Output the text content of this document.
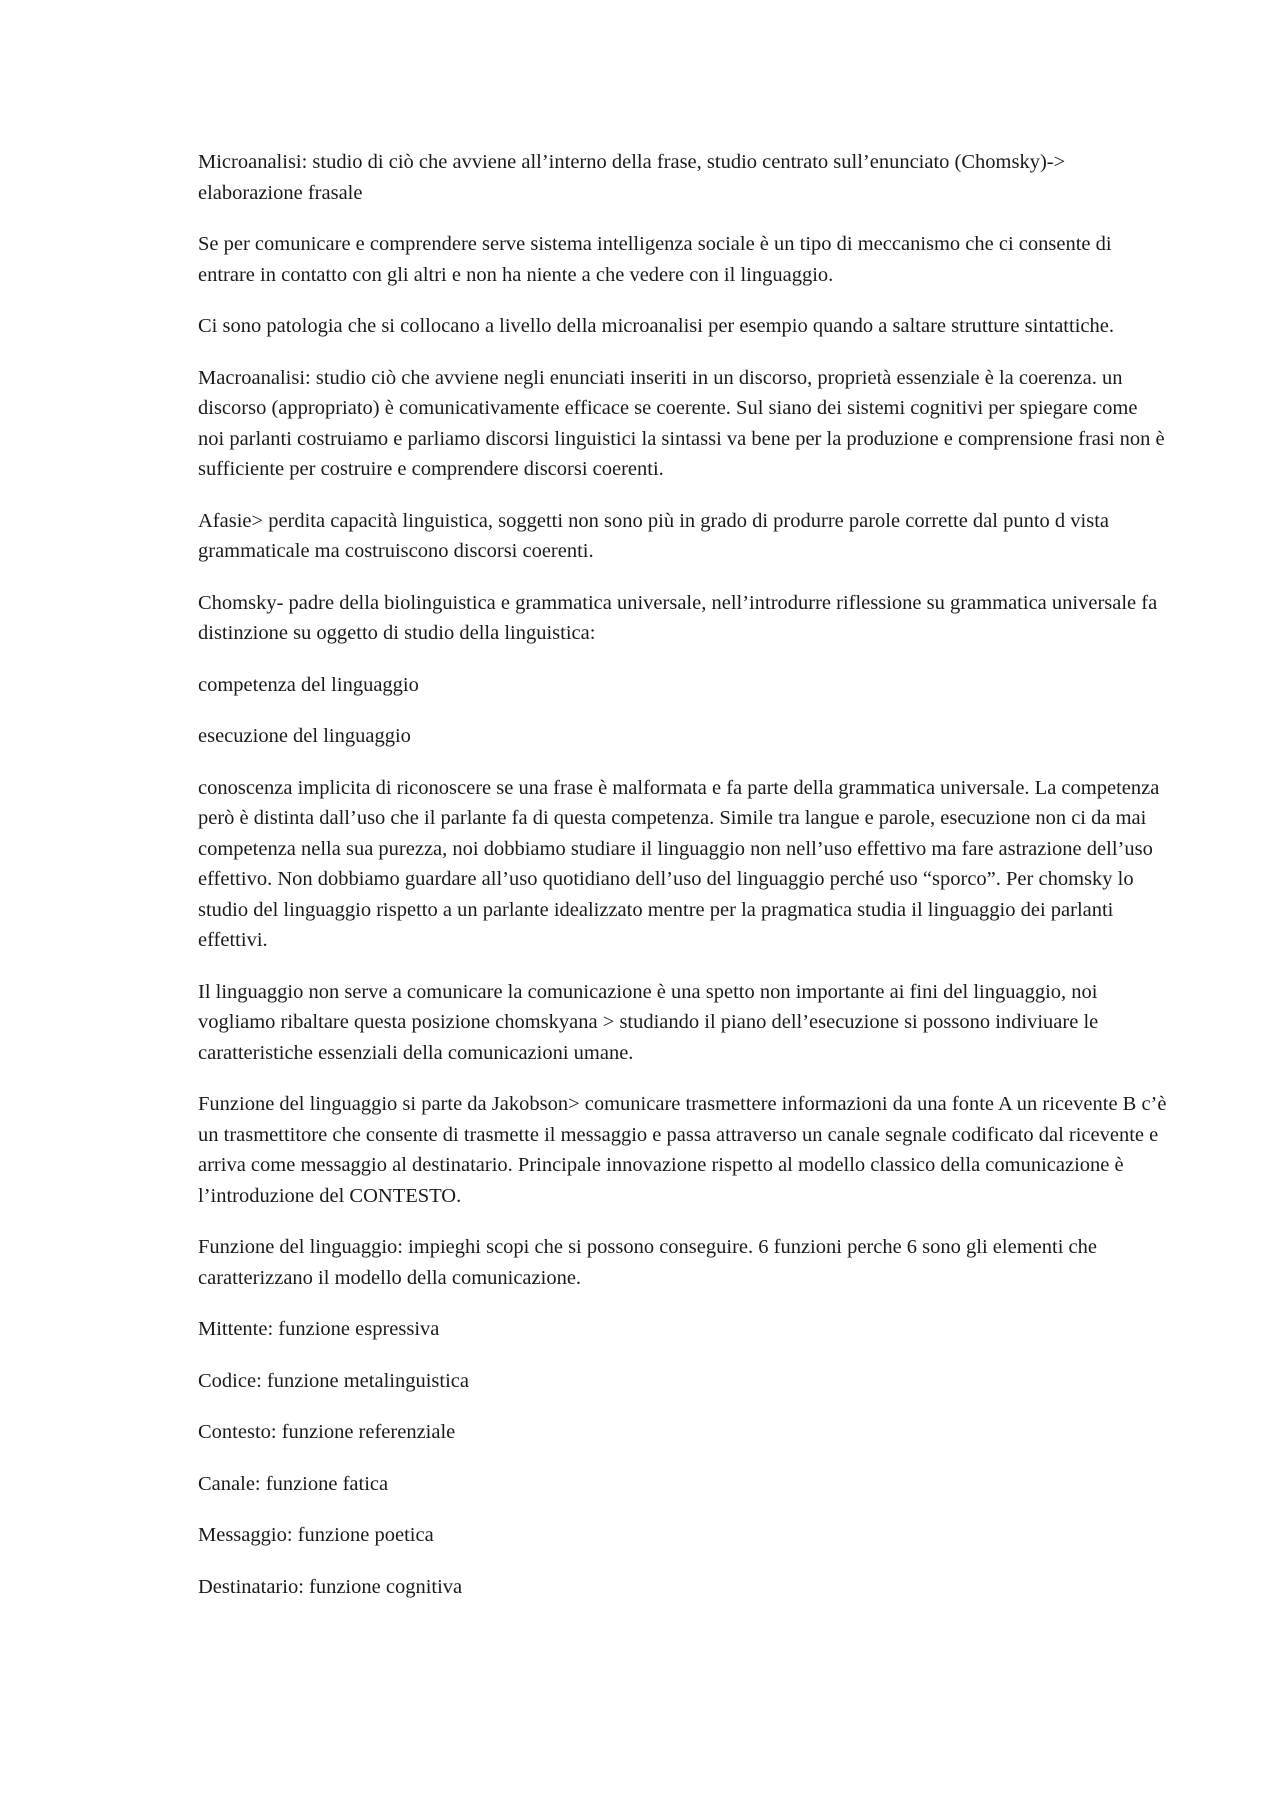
Microanalisi: studio di ciò che avviene all’interno della frase, studio centrato sull’enunciato (Chomsky)-> elaborazione frasale

Se per comunicare e comprendere serve sistema intelligenza sociale è un tipo di meccanismo che ci consente di entrare in contatto con gli altri e non ha niente a che vedere con il linguaggio.

Ci sono patologia che si collocano a livello della microanalisi per esempio quando a saltare strutture sintattiche.

Macroanalisi: studio ciò che avviene negli enunciati inseriti in un discorso, proprietà essenziale è la coerenza. un discorso (appropriato) è comunicativamente efficace se coerente. Sul siano dei sistemi cognitivi per spiegare come noi parlanti costruiamo e parliamo discorsi linguistici la sintassi va bene per la produzione e comprensione frasi non è sufficiente per costruire e comprendere discorsi coerenti.

Afasie> perdita capacità linguistica, soggetti non sono più in grado di produrre parole corrette dal punto d vista grammaticale ma costruiscono discorsi coerenti.

Chomsky- padre della biolinguistica e grammatica universale, nell’introdurre riflessione su grammatica universale fa distinzione su oggetto di studio della linguistica:

competenza del linguaggio

esecuzione del linguaggio

conoscenza implicita di riconoscere se una frase è malformata e fa parte della grammatica universale. La competenza però è distinta dall’uso che il parlante fa di questa competenza. Simile tra langue e parole, esecuzione non ci da mai competenza nella sua purezza, noi dobbiamo studiare il linguaggio non nell’uso effettivo ma fare astrazione dell’uso effettivo. Non dobbiamo guardare all’uso quotidiano dell’uso del linguaggio perché uso “sporco”. Per chomsky lo studio del linguaggio rispetto a un parlante idealizzato mentre per la pragmatica studia il linguaggio dei parlanti effettivi.

Il linguaggio non serve a comunicare la comunicazione è una spetto non importante ai fini del linguaggio, noi vogliamo ribaltare questa posizione chomskyana > studiando il piano dell’esecuzione si possono indiviuare le caratteristiche essenziali della comunicazioni umane.

Funzione del linguaggio si parte da Jakobson> comunicare trasmettere informazioni da una fonte A un ricevente B c’è un trasmettitore che consente di trasmette il messaggio e passa attraverso un canale segnale codificato dal ricevente e arriva come messaggio al destinatario. Principale innovazione rispetto al modello classico della comunicazione è l’introduzione del CONTESTO.

Funzione del linguaggio: impieghi scopi che si possono conseguire. 6 funzioni perche 6 sono gli elementi che caratterizzano il modello della comunicazione.

Mittente: funzione espressiva

Codice: funzione metalinguistica

Contesto: funzione referenziale

Canale: funzione fatica

Messaggio: funzione poetica

Destinatario: funzione cognitiva
